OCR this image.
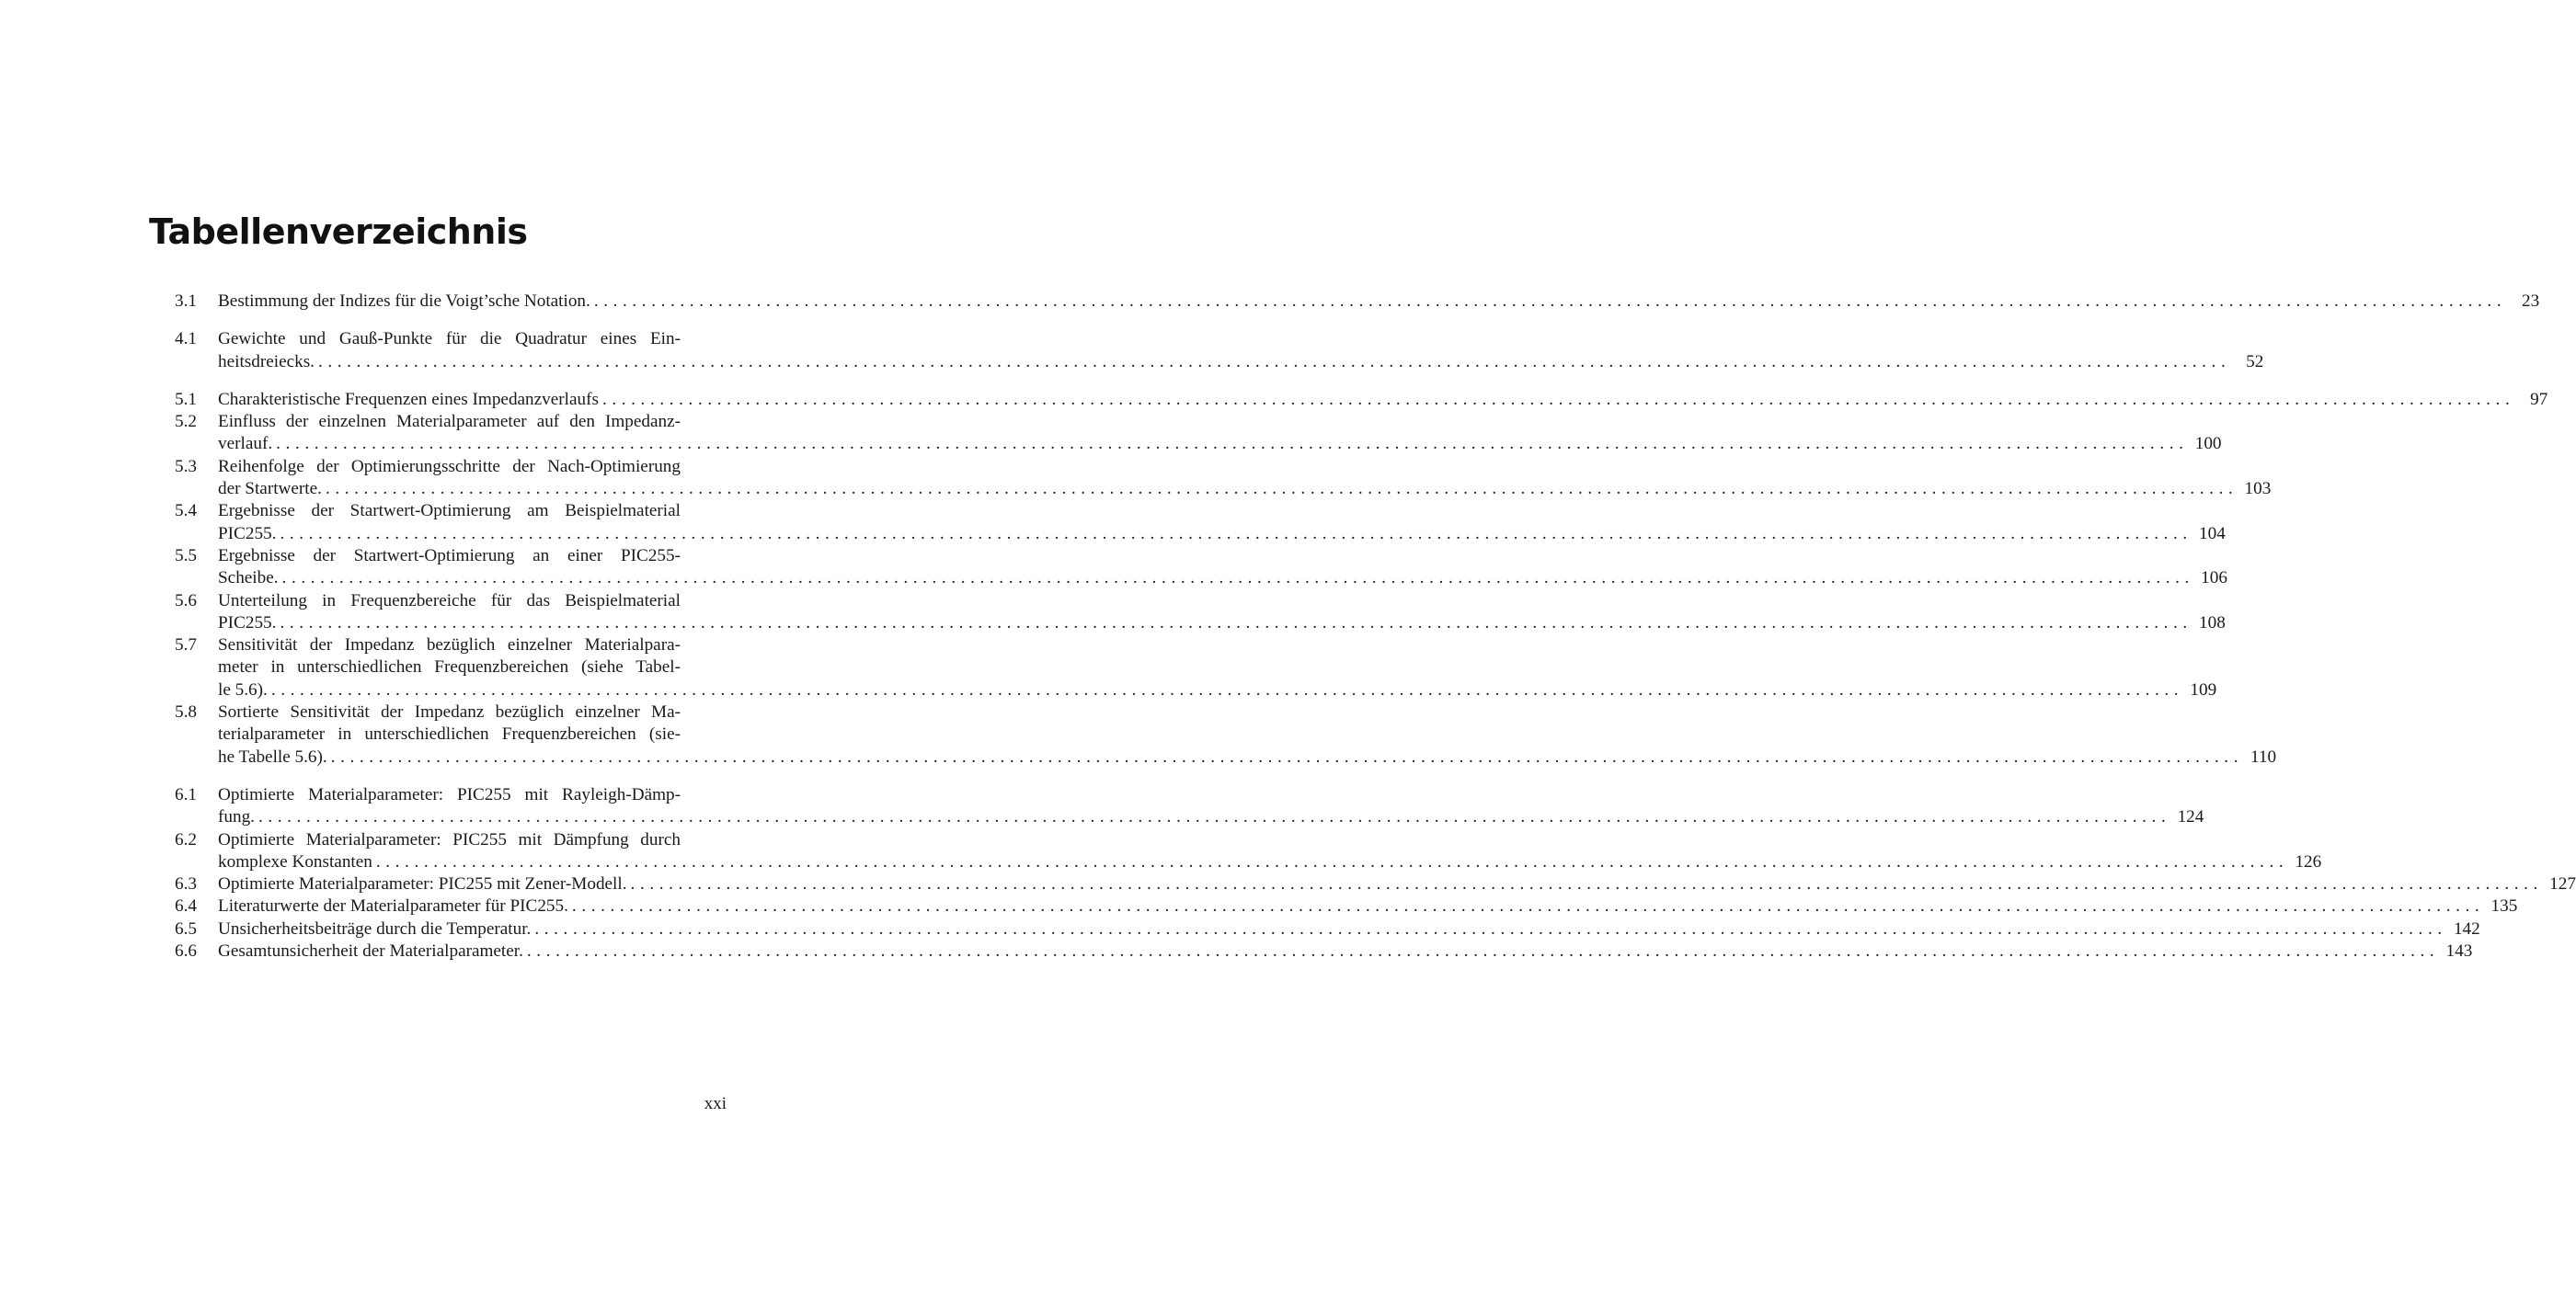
Tabellenverzeichnis
3.1	Bestimmung der Indizes für die Voigt’sche Notation. ........................................................................................................................................................................................................ 23
4.1	Gewichte und Gauß-Punkte für die Quadratur eines Ein-
heitsdreiecks. ........................................................................................................................................................................................................ 52
5.1	Charakteristische Frequenzen eines Impedanzverlaufs ........................................................................................................................................................................................................ 97
5.2	Einfluss der einzelnen Materialparameter auf den Impedanz-
verlauf. ........................................................................................................................................................................................................ 100
5.3	Reihenfolge der Optimierungsschritte der Nach-Optimierung
der Startwerte. ........................................................................................................................................................................................................ 103
5.4	Ergebnisse der Startwert-Optimierung am Beispielmaterial
PIC255. ........................................................................................................................................................................................................ 104
5.5	Ergebnisse der Startwert-Optimierung an einer PIC255-
Scheibe. ........................................................................................................................................................................................................ 106
5.6	Unterteilung in Frequenzbereiche für das Beispielmaterial
PIC255. ........................................................................................................................................................................................................ 108
5.7	Sensitivität der Impedanz bezüglich einzelner Materialpara-
meter in unterschiedlichen Frequenzbereichen (siehe Tabel-
le 5.6). ........................................................................................................................................................................................................ 109
5.8	Sortierte Sensitivität der Impedanz bezüglich einzelner Ma-
terialparameter in unterschiedlichen Frequenzbereichen (sie-
he Tabelle 5.6). ........................................................................................................................................................................................................ 110
6.1	Optimierte Materialparameter: PIC255 mit Rayleigh-Dämp-
fung. ........................................................................................................................................................................................................ 124
6.2	Optimierte Materialparameter: PIC255 mit Dämpfung durch
komplexe Konstanten ........................................................................................................................................................................................................ 126
6.3	Optimierte Materialparameter: PIC255 mit Zener-Modell. ........................................................................................................................................................................................................ 127
6.4	Literaturwerte der Materialparameter für PIC255. ........................................................................................................................................................................................................ 135
6.5	Unsicherheitsbeiträge durch die Temperatur. ........................................................................................................................................................................................................ 142
6.6	Gesamtunsicherheit der Materialparameter. ........................................................................................................................................................................................................ 143
xxi
